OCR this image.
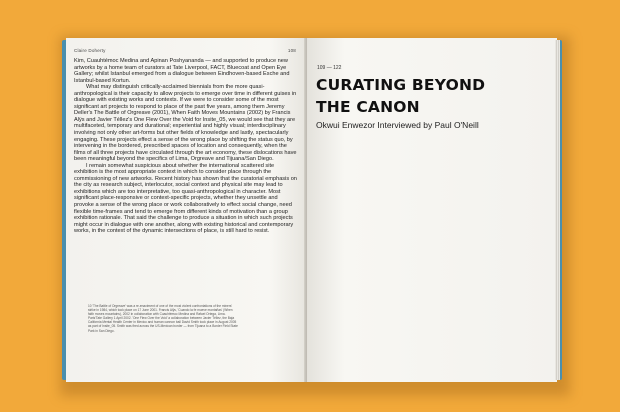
Claire Doherty	108

Kim, Cuauhtémoc Medina and Apinan Poshyananda — and supported to produce new artworks by a home team of curators at Tate Liverpool, FACT, Bluecoat and Open Eye Gallery; whilst Istanbul emerged from a dialogue between Eindhoven-based Esche and Istanbul-based Kortun.

What may distinguish critically-acclaimed biennials from the more quasi-anthropological is their capacity to allow projects to emerge over time in different guises in dialogue with existing works and contexts. If we were to consider some of the most significant art projects to respond to place of the past five years, among them Jeremy Deller's The Battle of Orgreave (2001), When Faith Moves Mountains (2002) by Francis Alÿs and Javier Téllez's One Flew Over the Void for Insite_05, we would see that they are multifaceted, temporary and durational; experiential and highly visual; interdisciplinary involving not only other art-forms but other fields of knowledge and lastly, spectacularly engaging. These projects effect a sense of the wrong place by shifting the status quo, by intervening in the bordered, prescribed spaces of location and consequently, when the films of all three projects have circulated through the art economy, these dislocations have been meaningful beyond the specifics of Lima, Orgreave and Tijuana/San Diego.

I remain somewhat suspicious about whether the international scattered site exhibition is the most appropriate context in which to consider place through the commissioning of new artworks. Recent history has shown that the curatorial emphasis on the city as research subject, interlocutor, social context and physical site may lead to exhibitions which are too interpretative, too quasi-anthropological in character. Most significant place-responsive or context-specific projects, whether they unsettle and provoke a sense of the wrong place or work collaboratively to effect social change, need flexible time-frames and tend to emerge from different kinds of motivation than a group exhibition rationale. That said the challenge to produce a situation in which such projects might occur in dialogue with one another, along with existing historical and contemporary works, in the context of the dynamic intersections of place, is still hard to resist.

10 'The Battle of Orgreave' was a re-enactment of one of the most violent confrontations of the miners' strike in 1984, which took place on 17 June 2001. Francis Alÿs, 'Cuando la fe mueve montañas' (When faith moves mountains), 2002 in collaboration with Cuauhtémoc Medina and Rafael Ortega, Lima. Paris'Tate Gallery 1 April 2002. 'One Flew Over the Void' a collaboration between Javier Téllez, the Baja California Mental Health Center in Mexico and human cannon ball David Smith took place in August 2005 as part of Insite_05. Smith was fired across the US-Mexican border — from Tijuana to a Border Field State Park in San Diego.
109 — 122
CURATING BEYOND
THE CANON
Okwui Enwezor Interviewed by Paul O'Neill
